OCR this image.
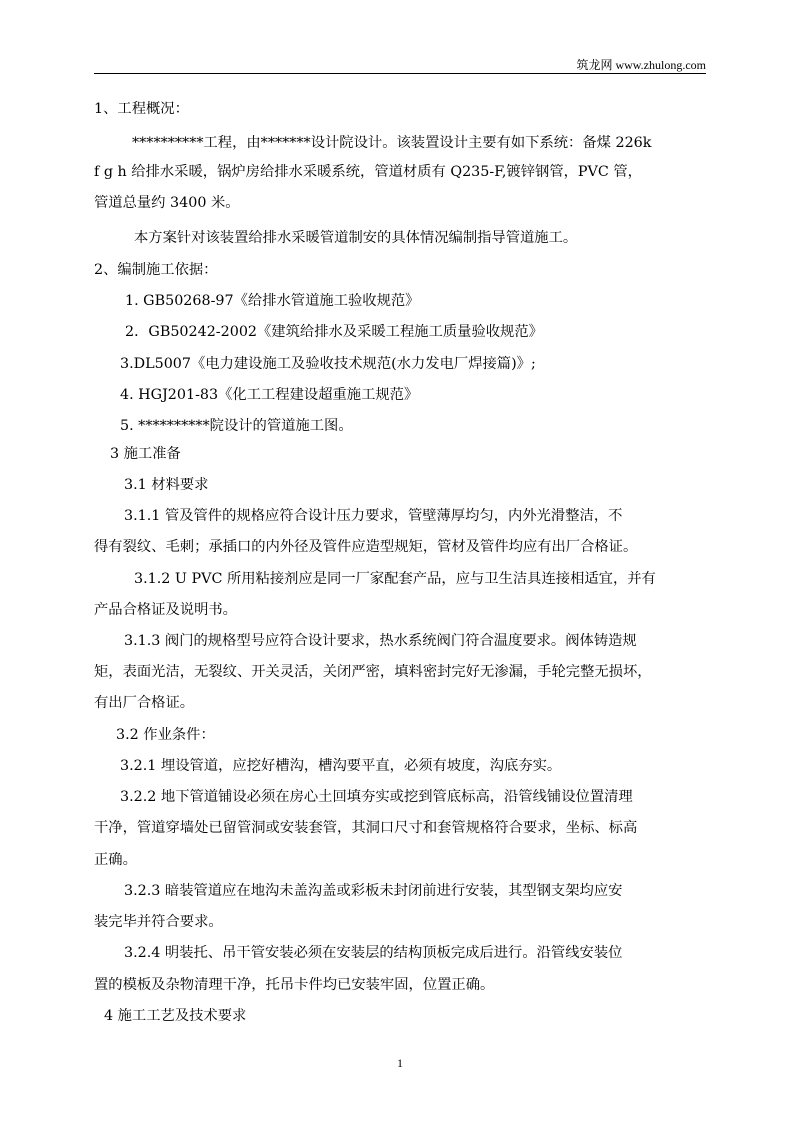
筑龙网 www.zhulong.com
1、工程概况：
**********工程，由*******设计院设计。该装置设计主要有如下系统：备煤 226k
f g h 给排水采暖，锅炉房给排水采暖系统，管道材质有 Q235-F,镀锌钢管，PVC 管，
管道总量约 3400 米。
本方案针对该装置给排水采暖管道制安的具体情况编制指导管道施工。
2、编制施工依据：
1. GB50268-97《给排水管道施工验收规范》
2．GB50242-2002《建筑给排水及采暖工程施工质量验收规范》
3.DL5007《电力建设施工及验收技术规范(水力发电厂焊接篇)》;
4. HGJ201-83《化工工程建设超重施工规范》
5. **********院设计的管道施工图。
3 施工准备
3.1 材料要求
3.1.1 管及管件的规格应符合设计压力要求，管壁薄厚均匀，内外光滑整洁，不
得有裂纹、毛刺；承插口的内外径及管件应造型规矩，管材及管件均应有出厂合格证。
3.1.2 U PVC 所用粘接剂应是同一厂家配套产品，应与卫生洁具连接相适宜，并有
产品合格证及说明书。
3.1.3 阀门的规格型号应符合设计要求，热水系统阀门符合温度要求。阀体铸造规
矩，表面光洁，无裂纹、开关灵活，关闭严密，填料密封完好无渗漏，手轮完整无损坏，
有出厂合格证。
3.2 作业条件：
3.2.1 埋设管道，应挖好槽沟，槽沟要平直，必须有坡度，沟底夯实。
3.2.2 地下管道铺设必须在房心土回填夯实或挖到管底标高，沿管线铺设位置清理
干净，管道穿墙处已留管洞或安装套管，其洞口尺寸和套管规格符合要求，坐标、标高
正确。
3.2.3 暗装管道应在地沟未盖沟盖或彩板未封闭前进行安装，其型钢支架均应安
装完毕并符合要求。
3.2.4 明装托、吊干管安装必须在安装层的结构顶板完成后进行。沿管线安装位
置的模板及杂物清理干净，托吊卡件均已安装牢固，位置正确。
4 施工工艺及技术要求
1
